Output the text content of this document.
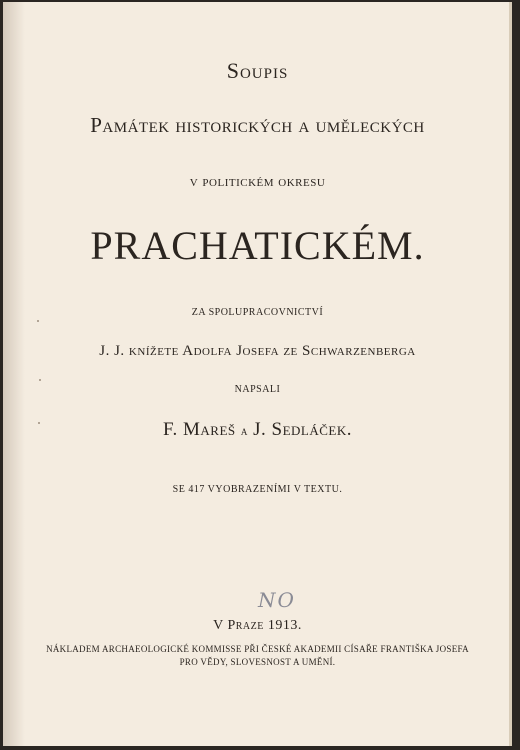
Soupis
Památek historických a uměleckých
v politickém okresu
PRACHATICKÉM.
ZA SPOLUPRACOVNICTVÍ
J. J. knížete Adolfa Josefa ze Schwarzenberga
NAPSALI
F. Mareš a J. Sedláček.
SE 417 VYOBRAZENÍMI V TEXTU.
NO
V Praze 1913.
NÁKLADEM ARCHAEOLOGICKÉ KOMMISSE PŘI ČESKÉ AKADEMII CÍSAŘE FRANTIŠKA JOSEFA
PRO VĚDY, SLOVESNOST A UMĚNÍ.
